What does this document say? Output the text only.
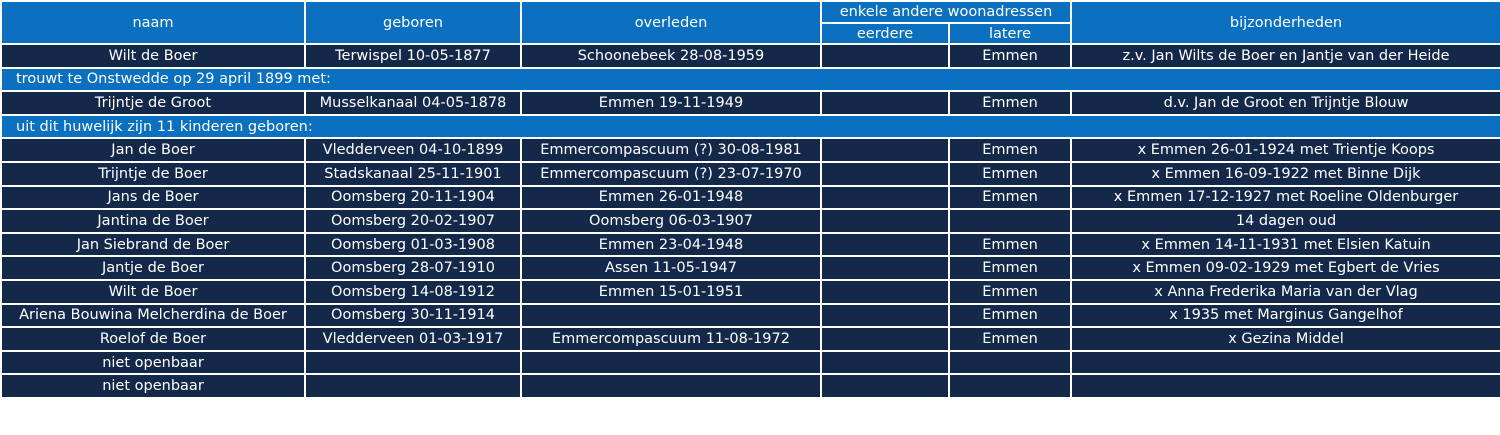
naam	geboren	overleden	enkele andere woonadressen		bijzonderheden
			eerdere	latere	
Wilt de Boer	Terwispel 10-05-1877	Schoonebeek 28-08-1959		Emmen	z.v. Jan Wilts de Boer en Jantje van der Heide
trouwt te Onstwedde op 29 april 1899 met:					
Trijntje de Groot	Musselkanaal 04-05-1878	Emmen 19-11-1949		Emmen	d.v. Jan de Groot en Trijntje Blouw
uit dit huwelijk zijn 11 kinderen geboren:					
Jan de Boer	Vledderveen 04-10-1899	Emmercompascuum (?) 30-08-1981		Emmen	x Emmen 26-01-1924 met Trientje Koops
Trijntje de Boer	Stadskanaal 25-11-1901	Emmercompascuum (?) 23-07-1970		Emmen	x Emmen 16-09-1922 met Binne Dijk
Jans de Boer	Oomsberg 20-11-1904	Emmen 26-01-1948		Emmen	x Emmen 17-12-1927 met Roeline Oldenburger
Jantina de Boer	Oomsberg 20-02-1907	Oomsberg 06-03-1907			14 dagen oud
Jan Siebrand de Boer	Oomsberg 01-03-1908	Emmen 23-04-1948		Emmen	x Emmen 14-11-1931 met Elsien Katuin
Jantje de Boer	Oomsberg 28-07-1910	Assen 11-05-1947		Emmen	x Emmen 09-02-1929 met Egbert de Vries
Wilt de Boer	Oomsberg 14-08-1912	Emmen 15-01-1951		Emmen	x Anna Frederika Maria van der Vlag
Ariena Bouwina Melcherdina de Boer	Oomsberg 30-11-1914			Emmen	x 1935 met Marginus Gangelhof
Roelof de Boer	Vledderveen 01-03-1917	Emmercompascuum 11-08-1972		Emmen	x Gezina Middel
niet openbaar					
niet openbaar					
